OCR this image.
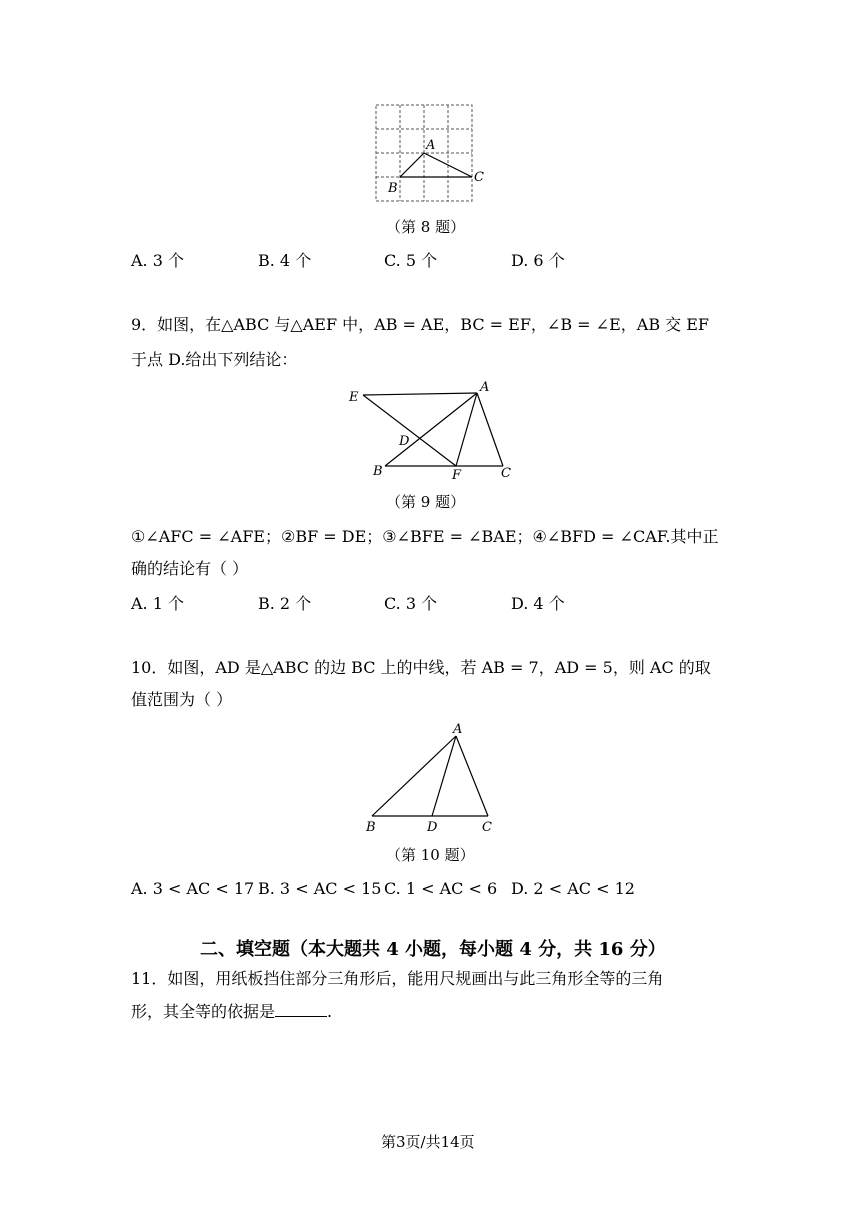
A
B
C
（第 8 题）
A. 3 个	B. 4 个	C. 5 个	D. 6 个
9．如图，在△ABC 与△AEF 中，AB = AE，BC = EF，∠B = ∠E，AB 交 EF
于点 D.给出下列结论：
E
A
D
B	F	C
（第 9 题）
①∠AFC = ∠AFE；②BF = DE；③∠BFE = ∠BAE；④∠BFD = ∠CAF.其中正
确的结论有（ ）
A. 1 个	B. 2 个	C. 3 个	D. 4 个
10．如图，AD 是△ABC 的边 BC 上的中线，若 AB = 7，AD = 5，则 AC 的取
值范围为（ ）
A
B	D	C
（第 10 题）
A. 3 < AC < 17 B. 3 < AC < 15 C. 1 < AC < 6 D. 2 < AC < 12
二、填空题（本大题共 4 小题，每小题 4 分，共 16 分）
11．如图，用纸板挡住部分三角形后，能用尺规画出与此三角形全等的三角
形，其全等的依据是	.
第3页/共14页
